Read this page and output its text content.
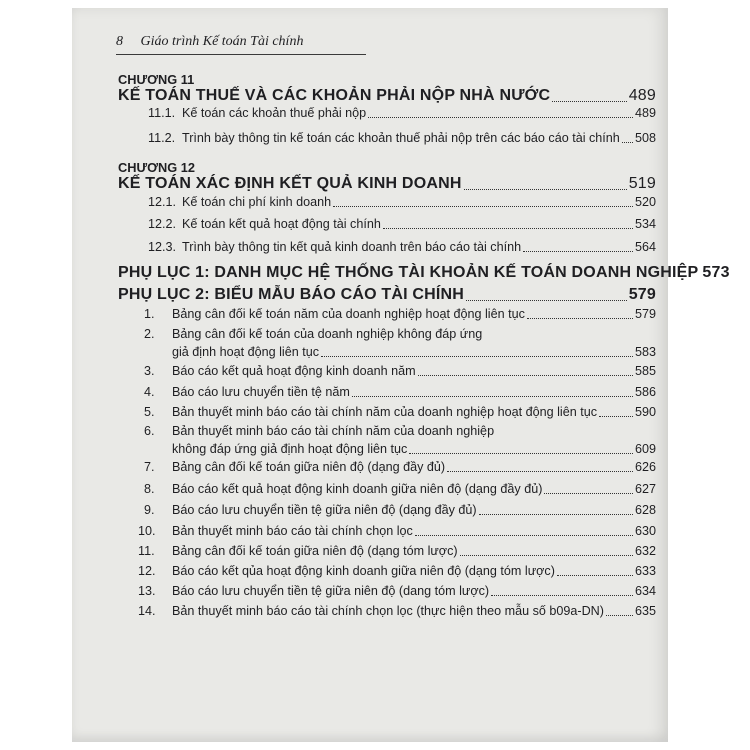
8 Giáo trình Kế toán Tài chính
CHƯƠNG 11
KẾ TOÁN THUẾ VÀ CÁC KHOẢN PHẢI NỘP NHÀ NƯỚC	489
11.1. Kế toán các khoản thuế phải nộp	489
11.2. Trình bày thông tin kế toán các khoản thuế phải nộp trên các báo cáo tài chính 508
CHƯƠNG 12
KẾ TOÁN XÁC ĐỊNH KẾT QUẢ KINH DOANH	519
12.1. Kế toán chi phí kinh doanh	520
12.2. Kế toán kết quả hoạt động tài chính	534
12.3. Trình bày thông tin kết quả kinh doanh trên báo cáo tài chính	564
PHỤ LỤC 1: DANH MỤC HỆ THỐNG TÀI KHOẢN KẾ TOÁN DOANH NGHIỆP 573
PHỤ LỤC 2: BIỂU MẪU BÁO CÁO TÀI CHÍNH	579
1. Bảng cân đối kế toán năm của doanh nghiệp hoạt động liên tục	579
2. Bảng cân đối kế toán của doanh nghiệp không đáp ứng
giả định hoạt động liên tục	583
3. Báo cáo kết quả hoạt động kinh doanh năm	585
4. Báo cáo lưu chuyển tiền tệ năm	586
5. Bản thuyết minh báo cáo tài chính năm của doanh nghiệp hoạt động liên tục	590
6. Bản thuyết minh báo cáo tài chính năm của doanh nghiệp
không đáp ứng giả định hoạt động liên tục	609
7. Bảng cân đối kế toán giữa niên độ (dạng đầy đủ)	626
8. Báo cáo kết quả hoạt động kinh doanh giữa niên độ (dạng đầy đủ)	627
9. Báo cáo lưu chuyển tiền tệ giữa niên độ (dạng đầy đủ)	628
10. Bản thuyết minh báo cáo tài chính chọn lọc	630
11. Bảng cân đối kế toán giữa niên độ (dạng tóm lược)	632
12. Báo cáo kết qủa hoạt động kinh doanh giữa niên độ (dạng tóm lược)	633
13. Báo cáo lưu chuyển tiền tệ giữa niên độ (dang tóm lược)	634
14. Bản thuyết minh báo cáo tài chính chọn lọc (thực hiện theo mẫu số b09a-DN) 635
